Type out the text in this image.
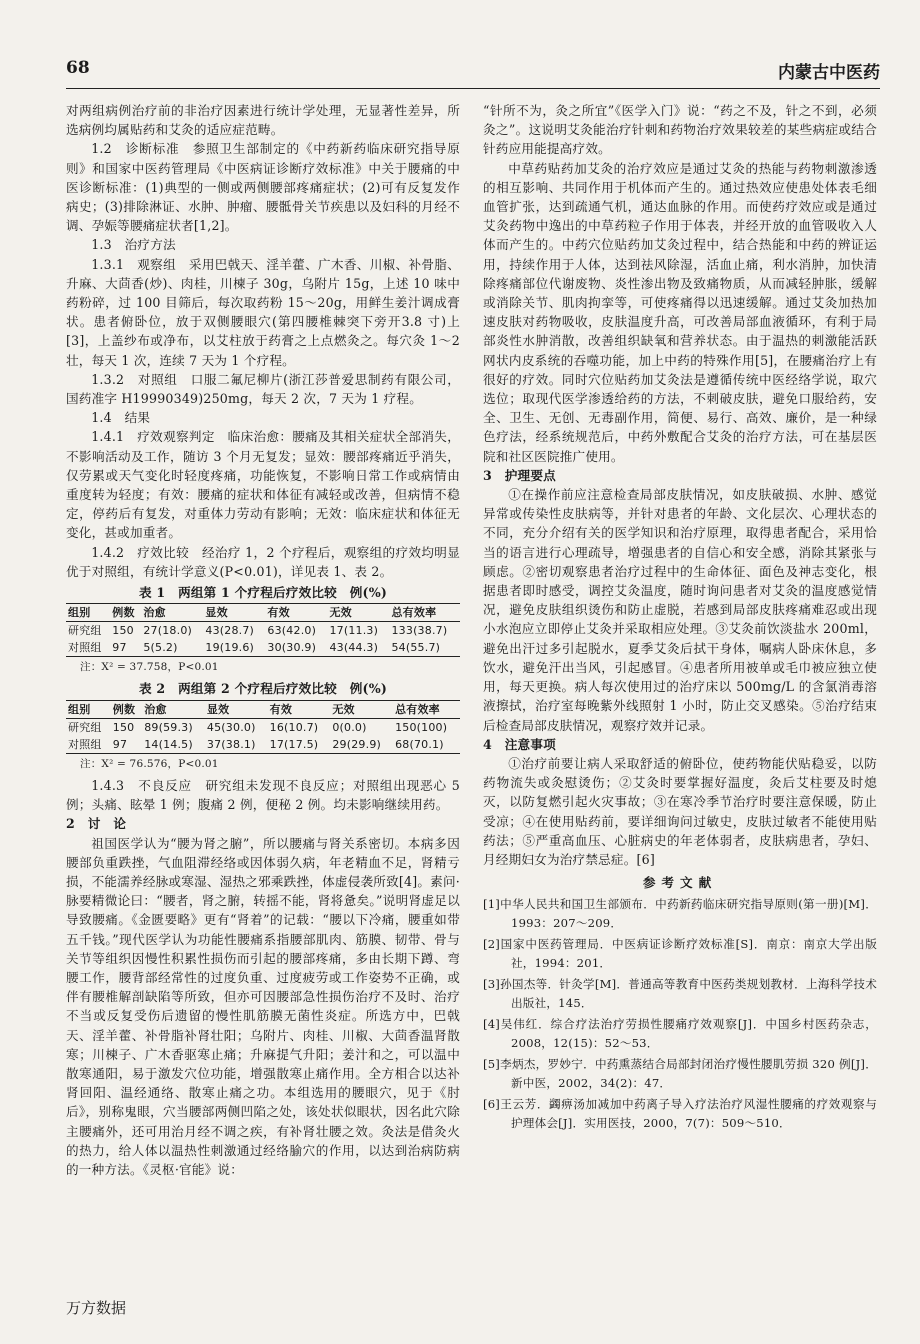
68	内蒙古中医药

对两组病例治疗前的非治疗因素进行统计学处理，无显著性差异，所选病例均属贴药和艾灸的适应症范畴。

1.2　诊断标准　参照卫生部制定的《中药新药临床研究指导原则》和国家中医药管理局《中医病证诊断疗效标准》中关于腰痛的中医诊断标准：(1)典型的一侧或两侧腰部疼痛症状；(2)可有反复发作病史；(3)排除淋证、水肿、肿瘤、腰骶骨关节疾患以及妇科的月经不调、孕娠等腰痛症状者[1,2]。

1.3　治疗方法

1.3.1　观察组　采用巴戟天、淫羊藿、广木香、川椒、补骨脂、升麻、大茴香(炒)、肉桂，川楝子 30g，乌附片 15g，上述 10 味中药粉碎，过 100 目筛后，每次取药粉 15～20g，用鲜生姜汁调成膏状。患者俯卧位，放于双侧腰眼穴(第四腰椎棘突下旁开3.8 寸)上[3]，上盖纱布或净布，以艾柱放于药膏之上点燃灸之。每穴灸 1～2 壮，每天 1 次，连续 7 天为 1 个疗程。

1.3.2　对照组　口服二氟尼柳片(浙江莎普爱思制药有限公司，国药准字 H19990349)250mg，每天 2 次，7 天为 1 疗程。

1.4　结果

1.4.1　疗效观察判定　临床治愈：腰痛及其相关症状全部消失，不影响活动及工作，随访 3 个月无复发；显效：腰部疼痛近乎消失，仅劳累或天气变化时轻度疼痛，功能恢复，不影响日常工作或病情由重度转为轻度；有效：腰痛的症状和体征有减轻或改善，但病情不稳定，停药后有复发，对重体力劳动有影响；无效：临床症状和体征无变化，甚或加重者。

1.4.2　疗效比较　经治疗 1，2 个疗程后，观察组的疗效均明显优于对照组，有统计学意义(P<0.01)，详见表 1、表 2。

表 1　两组第 1 个疗程后疗效比较　例(%)
组别	例数	治愈	显效	有效	无效	总有效率
研究组	150	27(18.0)	43(28.7)	63(42.0)	17(11.3)	133(38.7)
对照组	97	5(5.2)	19(19.6)	30(30.9)	43(44.3)	54(55.7)
注：X² = 37.758，P<0.01
表 2　两组第 2 个疗程后疗效比较　例(%)
组别	例数	治愈	显效	有效	无效	总有效率
研究组	150	89(59.3)	45(30.0)	16(10.7)	0(0.0)	150(100)
对照组	97	14(14.5)	37(38.1)	17(17.5)	29(29.9)	68(70.1)
注：X² = 76.576，P<0.01

1.4.3　不良反应　研究组未发现不良反应；对照组出现恶心 5 例；头痛、眩晕 1 例；腹痛 2 例，便秘 2 例。均未影响继续用药。

2　讨　论

祖国医学认为“腰为肾之腑”，所以腰痛与肾关系密切。本病多因腰部负重跌挫，气血阻滞经络或因体弱久病，年老精血不足，肾精亏损，不能濡养经脉或寒湿、湿热之邪乘跌挫，体虚侵袭所致[4]。素问·脉要精微论曰：“腰者，肾之腑，转摇不能，肾将惫矣。”说明肾虚足以导致腰痛。《金匮要略》更有“肾着”的记载：“腰以下冷痛，腰重如带五千钱。”现代医学认为功能性腰痛系指腰部肌肉、筋膜、韧带、骨与关节等组织因慢性积累性损伤而引起的腰部疼痛，多由长期下蹲、弯腰工作，腰背部经常性的过度负重、过度疲劳或工作姿势不正确，或伴有腰椎解剖缺陷等所致，但亦可因腰部急性损伤治疗不及时、治疗不当或反复受伤后遗留的慢性肌筋膜无菌性炎症。所选方中，巴戟天、淫羊藿、补骨脂补肾壮阳；乌附片、肉桂、川椒、大茴香温肾散寒；川楝子、广木香驱寒止痛；升麻提气升阳；姜汁和之，可以温中散寒通阳，易于激发穴位功能，增强散寒止痛作用。全方相合以达补肾回阳、温经通络、散寒止痛之功。本组选用的腰眼穴，见于《肘后》，别称鬼眼，穴当腰部两侧凹陷之处，该处状似眼状，因名此穴除主腰痛外，还可用治月经不调之疾，有补肾壮腰之效。灸法是借灸火的热力，给人体以温热性刺激通过经络腧穴的作用，以达到治病防病的一种方法。《灵枢·官能》说：

“针所不为，灸之所宜”《医学入门》说：“药之不及，针之不到，必须灸之”。这说明艾灸能治疗针刺和药物治疗效果较差的某些病症或结合针药应用能提高疗效。

中草药贴药加艾灸的治疗效应是通过艾灸的热能与药物刺激渗透的相互影响、共同作用于机体而产生的。通过热效应使患处体表毛细血管扩张，达到疏通气机，通达血脉的作用。而使药疗效应或是通过艾灸药物中逸出的中草药粒子作用于体表，并经开放的血管吸收入人体而产生的。中药穴位贴药加艾灸过程中，结合热能和中药的辨证运用，持续作用于人体，达到祛风除湿，活血止痛，利水消肿，加快清除疼痛部位代谢废物、炎性渗出物及致痛物质，从而减轻肿胀，缓解或消除关节、肌肉拘挛等，可使疼痛得以迅速缓解。通过艾灸加热加速皮肤对药物吸收，皮肤温度升高，可改善局部血液循环，有利于局部炎性水肿消散，改善组织缺氧和营养状态。由于温热的刺激能活跃网状内皮系统的吞噬功能，加上中药的特殊作用[5]，在腰痛治疗上有很好的疗效。同时穴位贴药加艾灸法是遵循传统中医经络学说，取穴选位；取现代医学渗透给药的方法，不刺破皮肤，避免口服给药，安全、卫生、无创、无毒副作用，简便、易行、高效、廉价，是一种绿色疗法，经系统规范后，中药外敷配合艾灸的治疗方法，可在基层医院和社区医院推广使用。

3　护理要点

①在操作前应注意检查局部皮肤情况，如皮肤破损、水肿、感觉异常或传染性皮肤病等，并针对患者的年龄、文化层次、心理状态的不同，充分介绍有关的医学知识和治疗原理，取得患者配合，采用恰当的语言进行心理疏导，增强患者的自信心和安全感，消除其紧张与顾虑。②密切观察患者治疗过程中的生命体征、面色及神志变化，根据患者即时感受，调控艾灸温度，随时询问患者对艾灸的温度感觉情况，避免皮肤组织烫伤和防止虚脱，若感到局部皮肤疼痛难忍或出现小水泡应立即停止艾灸并采取相应处理。③艾灸前饮淡盐水 200ml，避免出汗过多引起脱水，夏季艾灸后拭干身体，嘱病人卧床休息，多饮水，避免汗出当风，引起感冒。④患者所用被单或毛巾被应独立使用，每天更换。病人每次使用过的治疗床以 500mg/L 的含氯消毒溶液擦拭，治疗室每晚紫外线照射 1 小时，防止交叉感染。⑤治疗结束后检查局部皮肤情况，观察疗效并记录。

4　注意事项

①治疗前要让病人采取舒适的俯卧位，使药物能伏贴稳妥，以防药物流失或灸慰烫伤；②艾灸时要掌握好温度，灸后艾柱要及时熄灭，以防复燃引起火灾事故；③在寒冷季节治疗时要注意保暖，防止受凉；④在使用贴药前，要详细询问过敏史，皮肤过敏者不能使用贴药法；⑤严重高血压、心脏病史的年老体弱者，皮肤病患者，孕妇、月经期妇女为治疗禁忌症。[6]

参考文献
[1]中华人民共和国卫生部颁布．中药新药临床研究指导原则(第一册)[M]．1993：207～209．
[2]国家中医药管理局．中医病证诊断疗效标准[S]．南京：南京大学出版社，1994：201．
[3]孙国杰等．针灸学[M]．普通高等教育中医药类规划教材．上海科学技术出版社，145．
[4]吴伟红．综合疗法治疗劳损性腰痛疗效观察[J]．中国乡村医药杂志，2008，12(15)：52～53．
[5]李炳杰，罗妙宁．中药熏蒸结合局部封闭治疗慢性腰肌劳损 320 例[J]．新中医，2002，34(2)：47．
[6]王云芳．蠲痹汤加减加中药离子导入疗法治疗风湿性腰痛的疗效观察与护理体会[J]．实用医技，2000，7(7)：509～510．
万方数据
